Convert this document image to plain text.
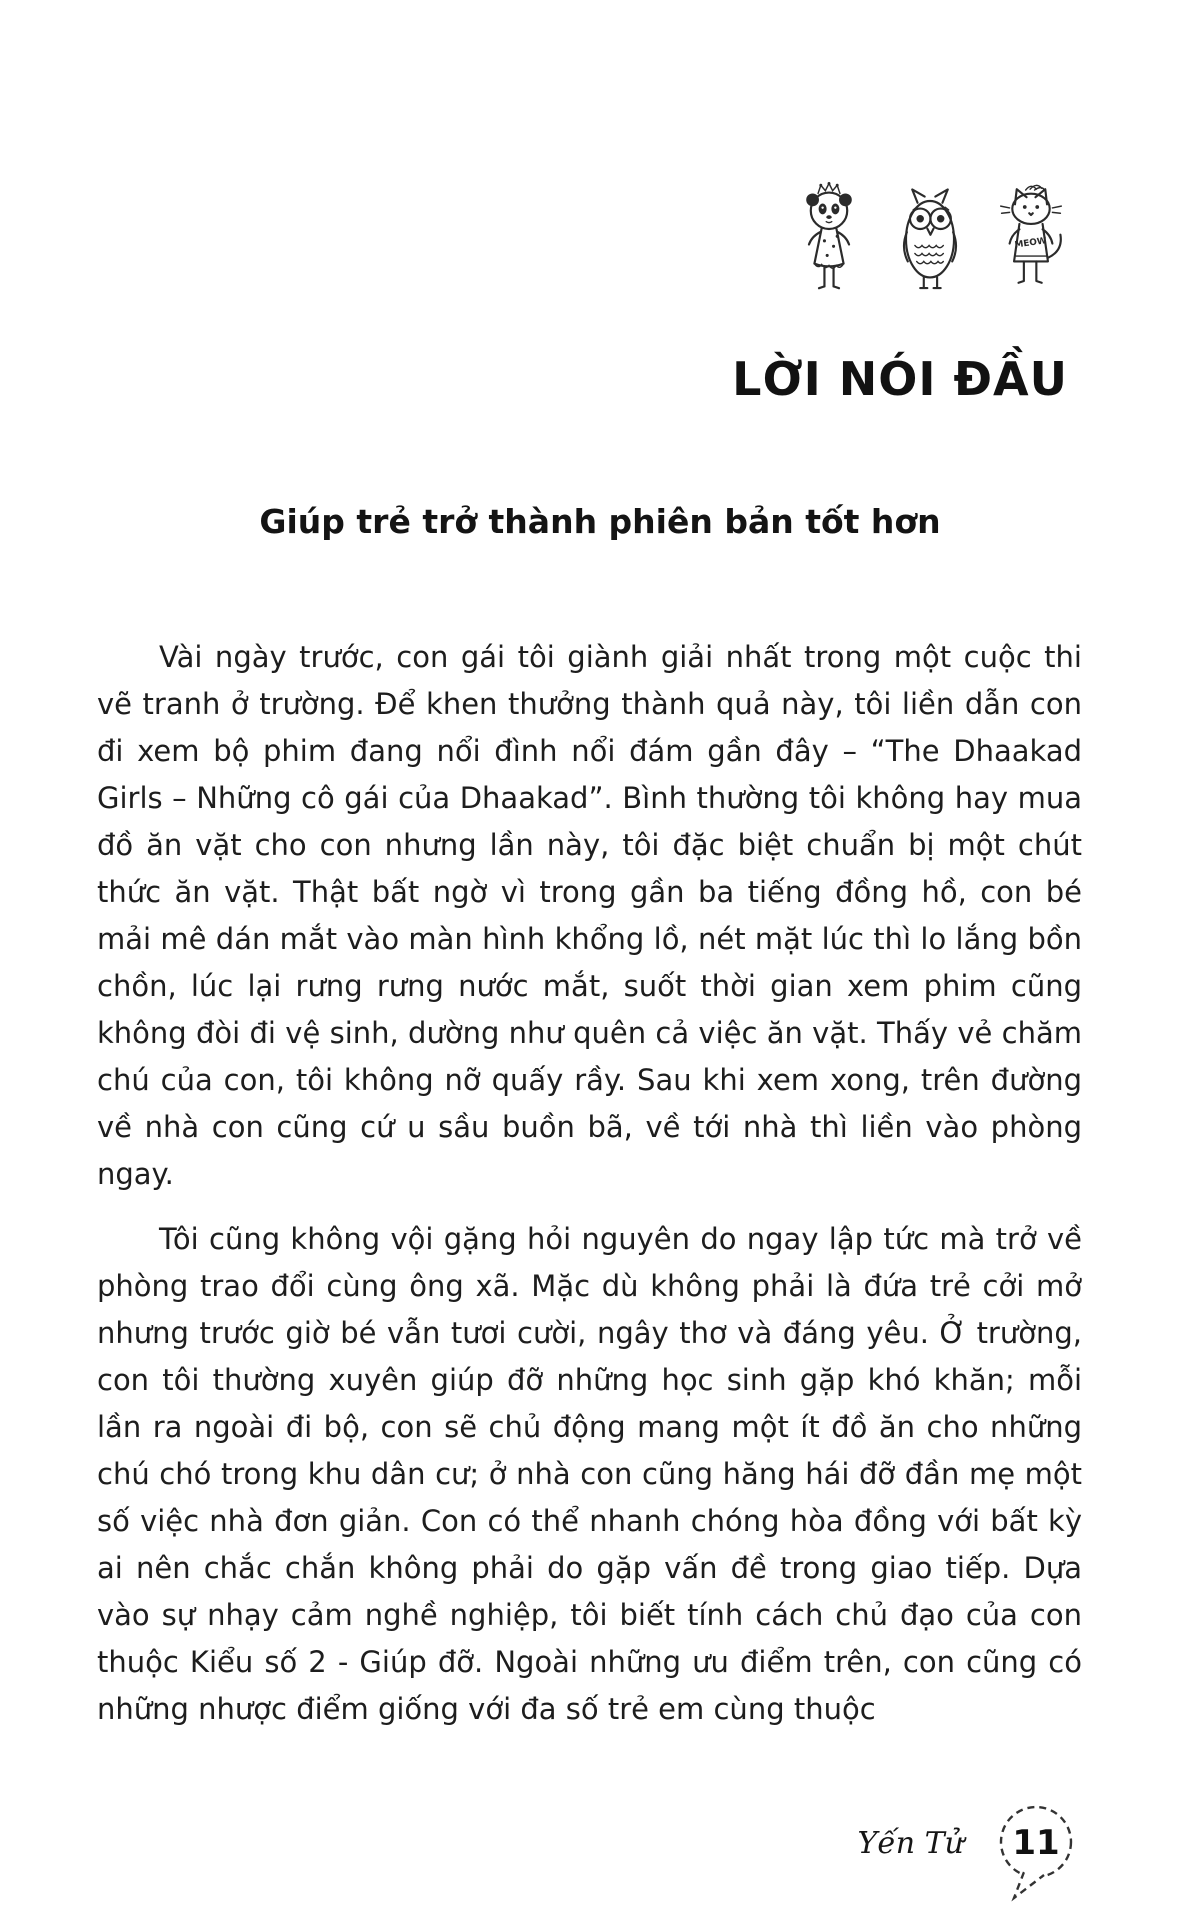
MEOW
LỜI NÓI ĐẦU
Giúp trẻ trở thành phiên bản tốt hơn

Vài ngày trước, con gái tôi giành giải nhất trong một cuộc thi vẽ tranh ở trường. Để khen thưởng thành quả này, tôi liền dẫn con đi xem bộ phim đang nổi đình nổi đám gần đây – “The Dhaakad Girls – Những cô gái của Dhaakad”. Bình thường tôi không hay mua đồ ăn vặt cho con nhưng lần này, tôi đặc biệt chuẩn bị một chút thức ăn vặt. Thật bất ngờ vì trong gần ba tiếng đồng hồ, con bé mải mê dán mắt vào màn hình khổng lồ, nét mặt lúc thì lo lắng bồn chồn, lúc lại rưng rưng nước mắt, suốt thời gian xem phim cũng không đòi đi vệ sinh, dường như quên cả việc ăn vặt. Thấy vẻ chăm chú của con, tôi không nỡ quấy rầy. Sau khi xem xong, trên đường về nhà con cũng cứ u sầu buồn bã, về tới nhà thì liền vào phòng ngay.

Tôi cũng không vội gặng hỏi nguyên do ngay lập tức mà trở về phòng trao đổi cùng ông xã. Mặc dù không phải là đứa trẻ cởi mở nhưng trước giờ bé vẫn tươi cười, ngây thơ và đáng yêu. Ở trường, con tôi thường xuyên giúp đỡ những học sinh gặp khó khăn; mỗi lần ra ngoài đi bộ, con sẽ chủ động mang một ít đồ ăn cho những chú chó trong khu dân cư; ở nhà con cũng hăng hái đỡ đần mẹ một số việc nhà đơn giản. Con có thể nhanh chóng hòa đồng với bất kỳ ai nên chắc chắn không phải do gặp vấn đề trong giao tiếp. Dựa vào sự nhạy cảm nghề nghiệp, tôi biết tính cách chủ đạo của con thuộc Kiểu số 2 - Giúp đỡ. Ngoài những ưu điểm trên, con cũng có những nhược điểm giống với đa số trẻ em cùng thuộc

Yến Tử 11
